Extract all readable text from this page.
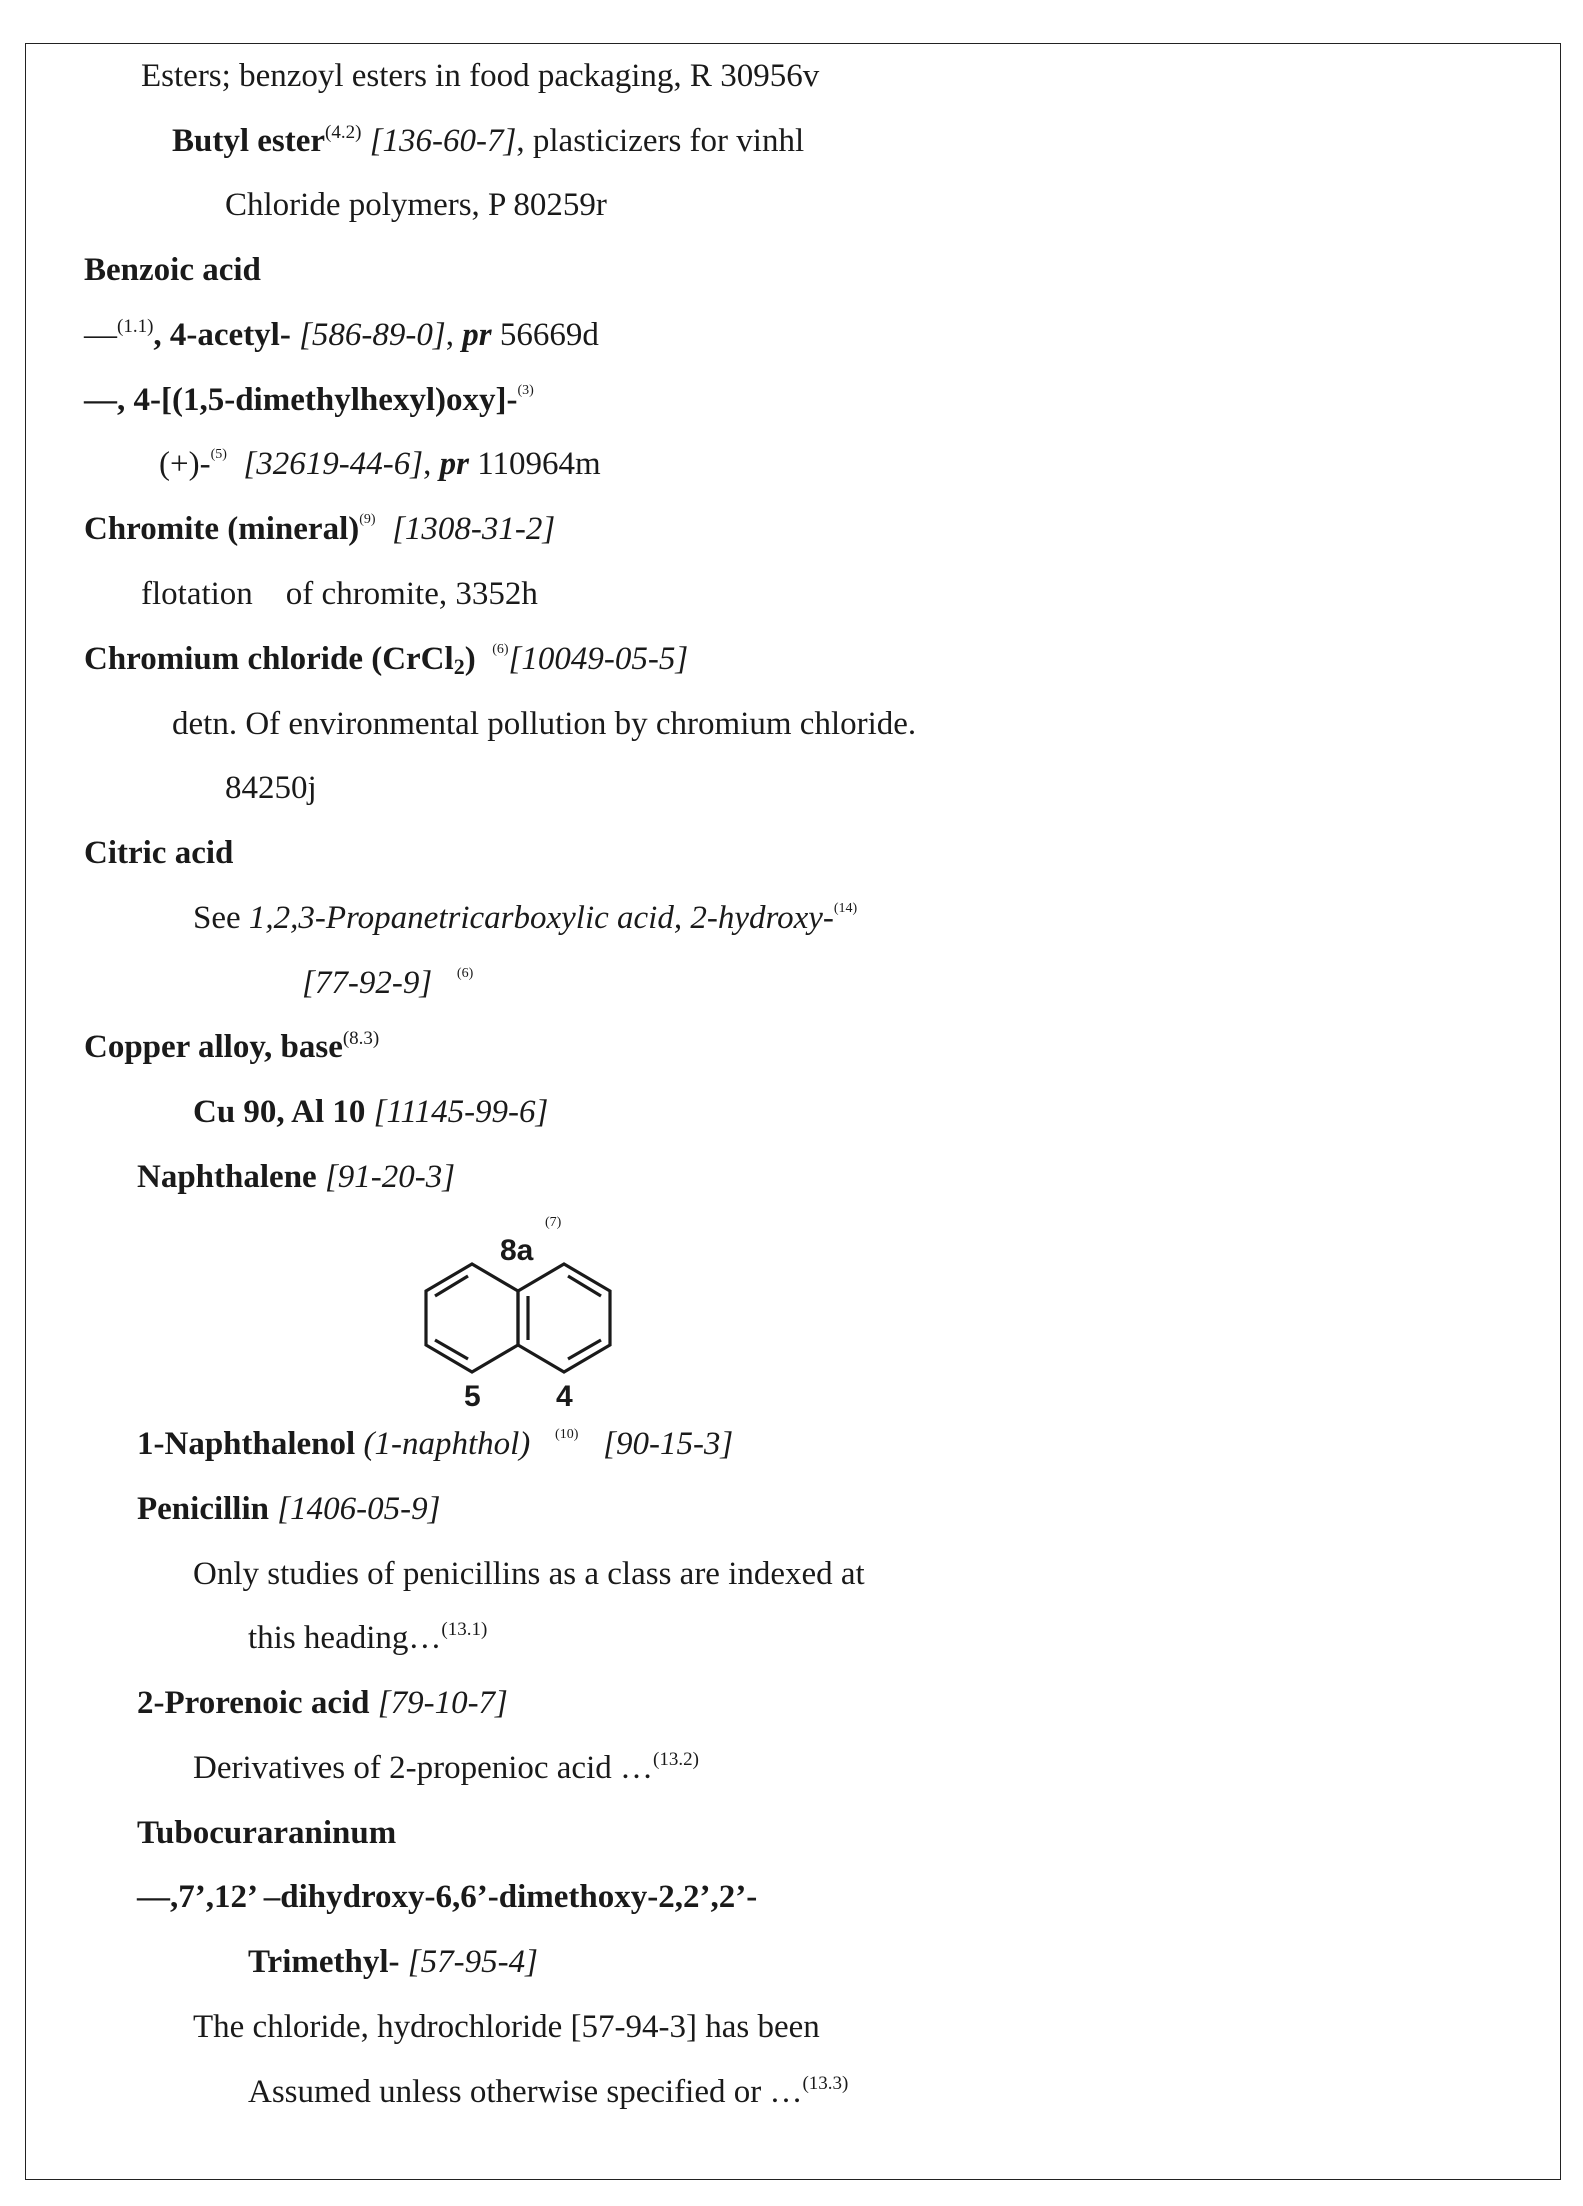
Esters; benzoyl esters in food packaging, R 30956v
Butyl ester$^{(4.2)}$ [136-60-7], plasticizers for vinhl
Chloride polymers, P 80259r
Benzoic acid
—$^{(1.1)}$, 4-acetyl- [586-89-0], pr 56669d
—, 4-[(1,5-dimethylhexyl)oxy]-$^{(3)}$
(+)-$^{(5)}$ [32619-44-6], pr 110964m
Chromite (mineral)$^{(9)}$ [1308-31-2]
flotation    of chromite, 3352h
Chromium chloride (CrCl2) $^{(6)}$[10049-05-5]
detn. Of environmental pollution by chromium chloride.
84250j
Citric acid
See 1,2,3-Propanetricarboxylic acid, 2-hydroxy-$^{(14)}$
[77-92-9] $^{(6)}$
Copper alloy, base$^{(8.3)}$
Cu 90, Al 10 [11145-99-6]
Naphthalene [91-20-3]
(7)
8a
5	4
1-Naphthalenol (1-naphthol) $^{(10)}$ [90-15-3]
Penicillin [1406-05-9]
Only studies of penicillins as a class are indexed at
this heading…$^{(13.1)}$
2-Prorenoic acid [79-10-7]
Derivatives of 2-propenioc acid …$^{(13.2)}$
Tubocuraraninum
—,7’,12’ –dihydroxy-6,6’-dimethoxy-2,2’,2’-
Trimethyl- [57-95-4]
The chloride, hydrochloride [57-94-3] has been
Assumed unless otherwise specified or …$^{(13.3)}$
